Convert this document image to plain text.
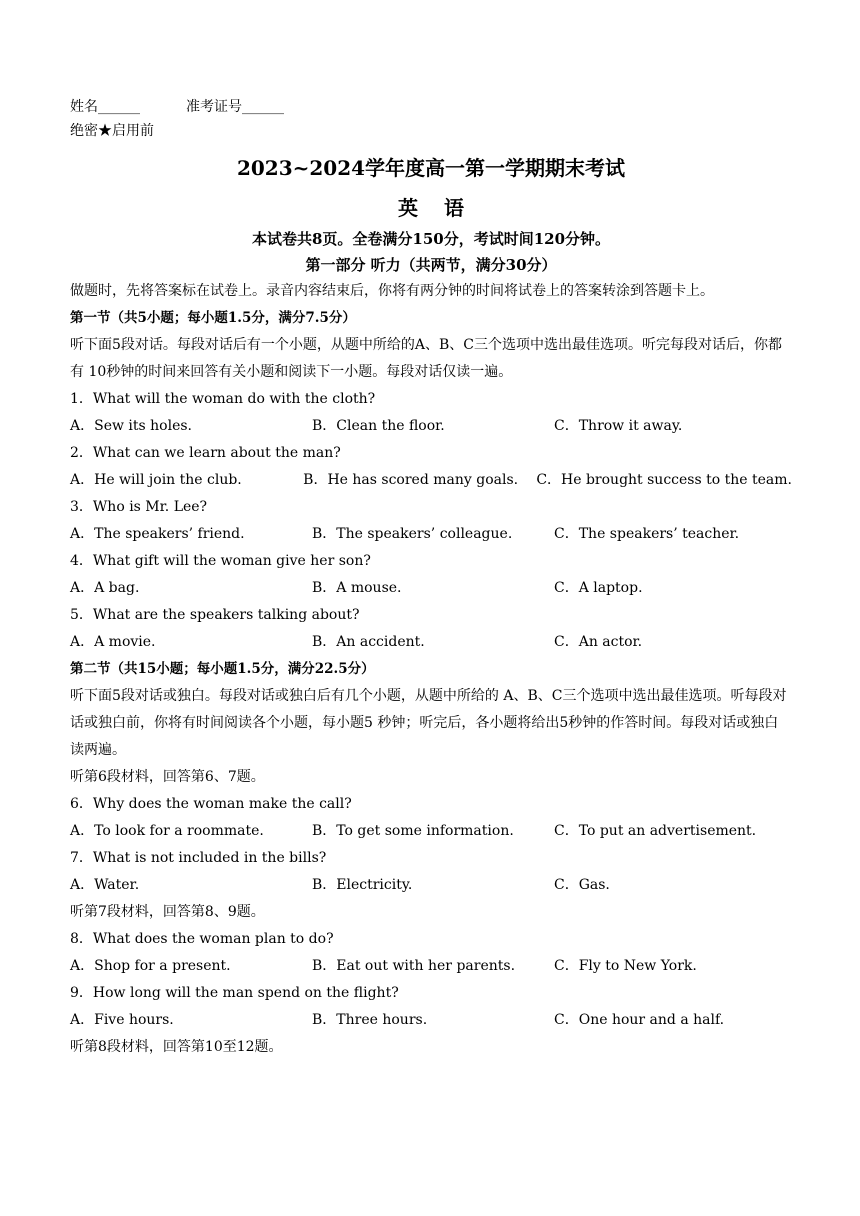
姓名______	准考证号______
绝密★启用前
2023~2024学年度高一第一学期期末考试
英语
本试卷共8页。全卷满分150分，考试时间120分钟。
第一部分 听力（共两节，满分30分）
做题时，先将答案标在试卷上。录音内容结束后，你将有两分钟的时间将试卷上的答案转涂到答题卡上。
第一节（共5小题；每小题1.5分，满分7.5分）
听下面5段对话。每段对话后有一个小题，从题中所给的A、B、C三个选项中选出最佳选项。听完每段对话后，你都有 10秒钟的时间来回答有关小题和阅读下一小题。每段对话仅读一遍。
1．What will the woman do with the cloth?
A．Sew its holes.	B．Clean the floor.	C．Throw it away.
2．What can we learn about the man?
A．He will join the club.	B．He has scored many goals.	C．He brought success to the team.
3．Who is Mr. Lee?
A．The speakers’ friend.	B．The speakers’ colleague.	C．The speakers’ teacher.
4．What gift will the woman give her son?
A．A bag.	B．A mouse.	C．A laptop.
5．What are the speakers talking about?
A．A movie.	B．An accident.	C．An actor.
第二节（共15小题；每小题1.5分，满分22.5分）
听下面5段对话或独白。每段对话或独白后有几个小题，从题中所给的 A、B、C三个选项中选出最佳选项。听每段对话或独白前，你将有时间阅读各个小题，每小题5 秒钟；听完后，各小题将给出5秒钟的作答时间。每段对话或独白读两遍。
听第6段材料，回答第6、7题。
6．Why does the woman make the call?
A．To look for a roommate.	B．To get some information.	C．To put an advertisement.
7．What is not included in the bills?
A．Water.	B．Electricity.	C．Gas.
听第7段材料，回答第8、9题。
8．What does the woman plan to do?
A．Shop for a present.	B．Eat out with her parents.	C．Fly to New York.
9．How long will the man spend on the flight?
A．Five hours.	B．Three hours.	C．One hour and a half.
听第8段材料，回答第10至12题。
